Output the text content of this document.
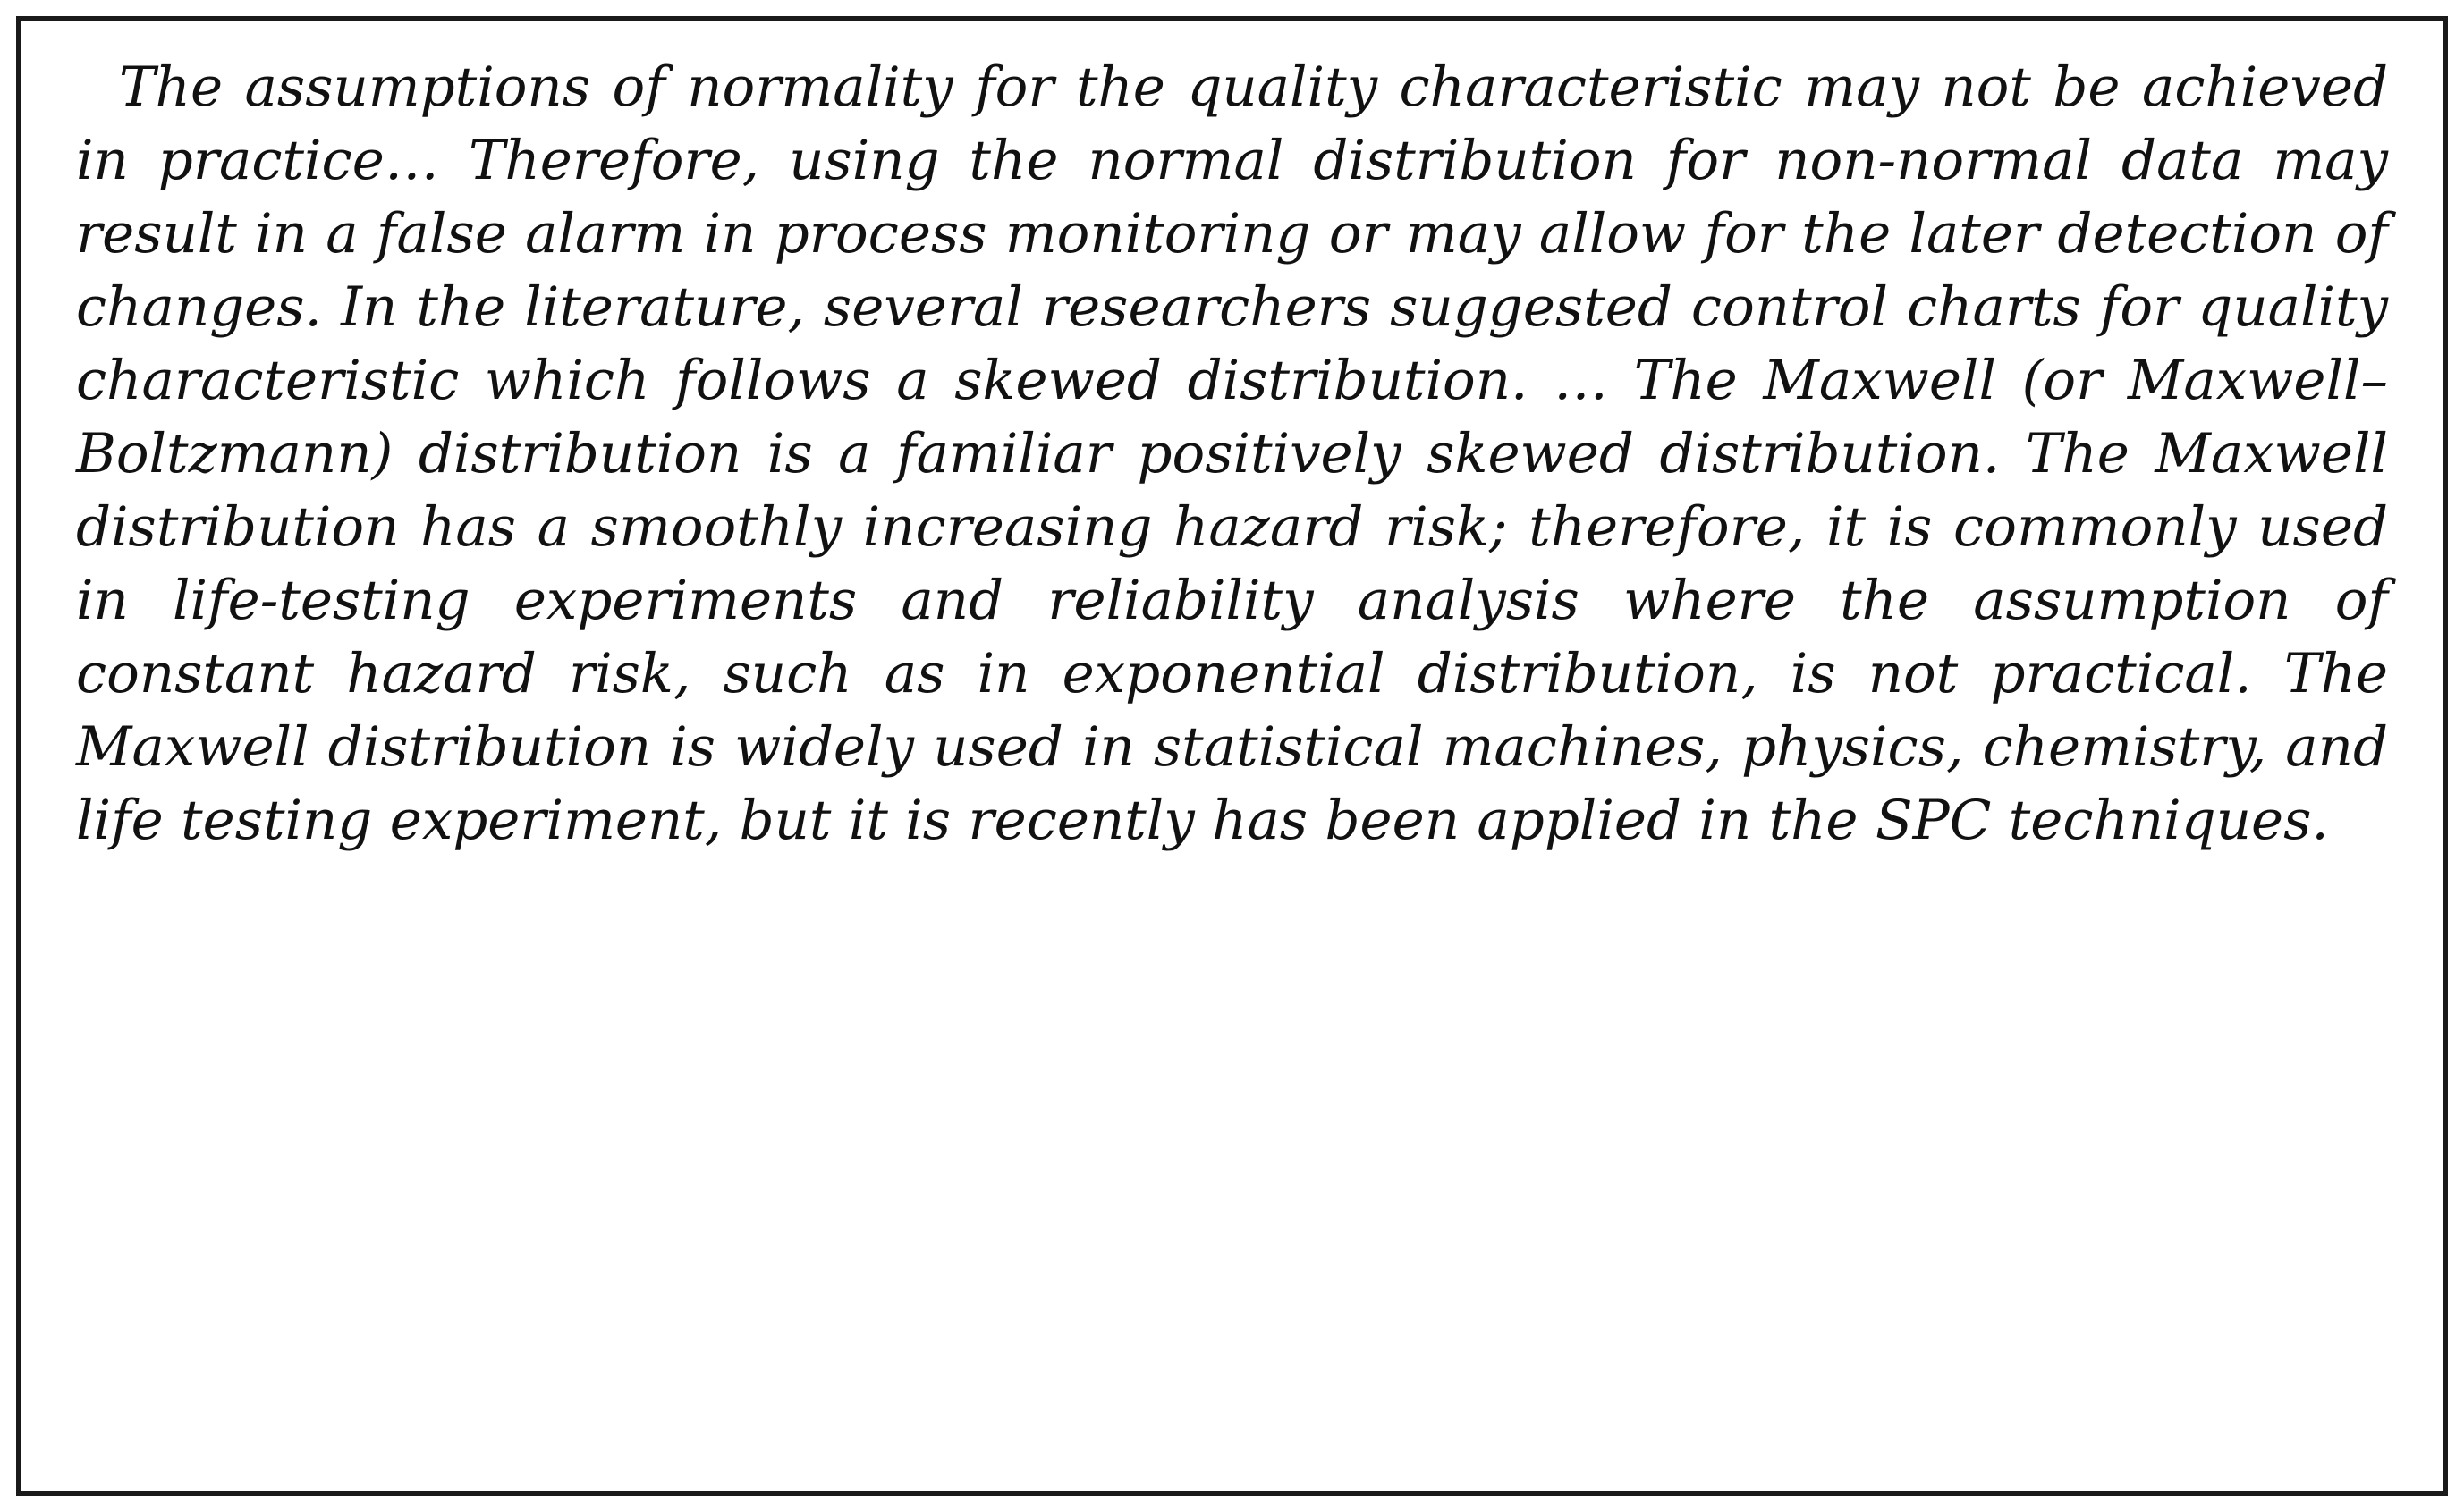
The assumptions of normality for the quality characteristic may not be achieved in practice… Therefore, using the normal distribution for non-normal data may result in a false alarm in process monitoring or may allow for the later detection of changes. In the literature, several researchers suggested control charts for quality characteristic which follows a skewed distribution. … The Maxwell (or Maxwell–Boltzmann) distribution is a familiar positively skewed distribution. The Maxwell distribution has a smoothly increasing hazard risk; therefore, it is commonly used in life-testing experiments and reliability analysis where the assumption of constant hazard risk, such as in exponential distribution, is not practical. The Maxwell distribution is widely used in statistical machines, physics, chemistry, and life testing experiment, but it is recently has been applied in the SPC techniques.
